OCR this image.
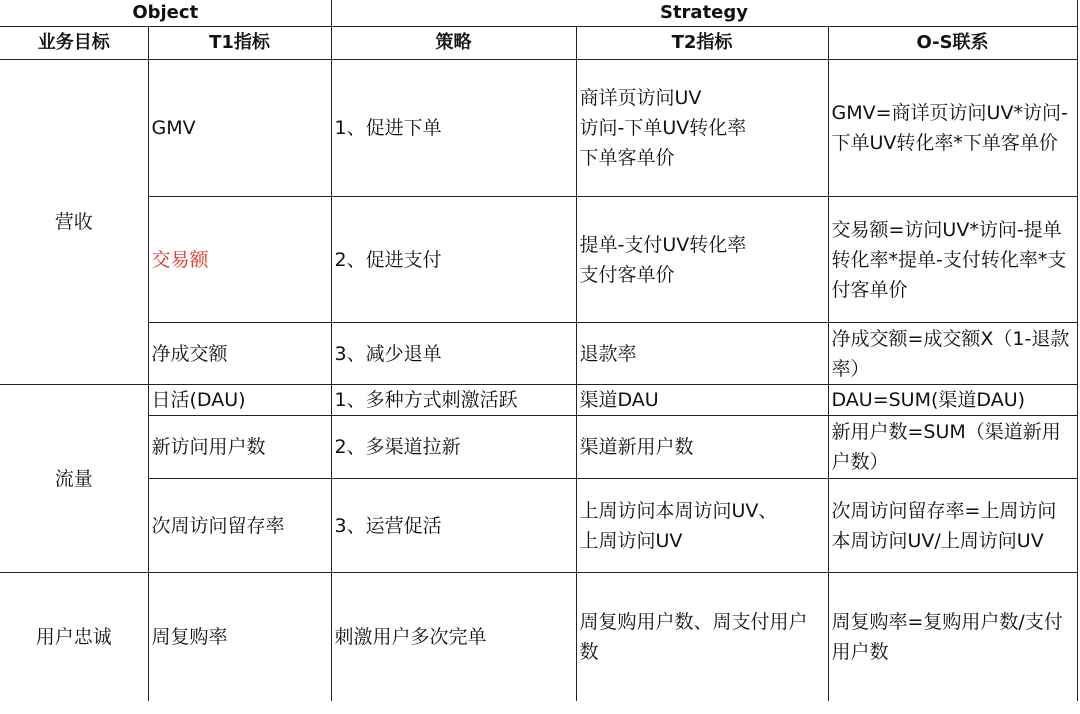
Object		Strategy		
业务目标	T1指标	策略	T2指标	O-S联系
营收	GMV	1、促进下单	商详页访问UV
访问-下单UV转化率
下单客单价	GMV=商详页访问UV*访问-下单UV转化率*下单客单价
	交易额	2、促进支付	提单-支付UV转化率
支付客单价	交易额=访问UV*访问-提单转化率*提单-支付转化率*支付客单价
	净成交额	3、减少退单	退款率	净成交额=成交额X（1-退款率）
流量	日活(DAU)	1、多种方式刺激活跃	渠道DAU	DAU=SUM(渠道DAU)
	新访问用户数	2、多渠道拉新	渠道新用户数	新用户数=SUM（渠道新用户数）
	次周访问留存率	3、运营促活	上周访问本周访问UV、
上周访问UV	次周访问留存率=上周访问本周访问UV/上周访问UV
用户忠诚	周复购率	刺激用户多次完单	周复购用户数、周支付用户数	周复购率=复购用户数/支付用户数
